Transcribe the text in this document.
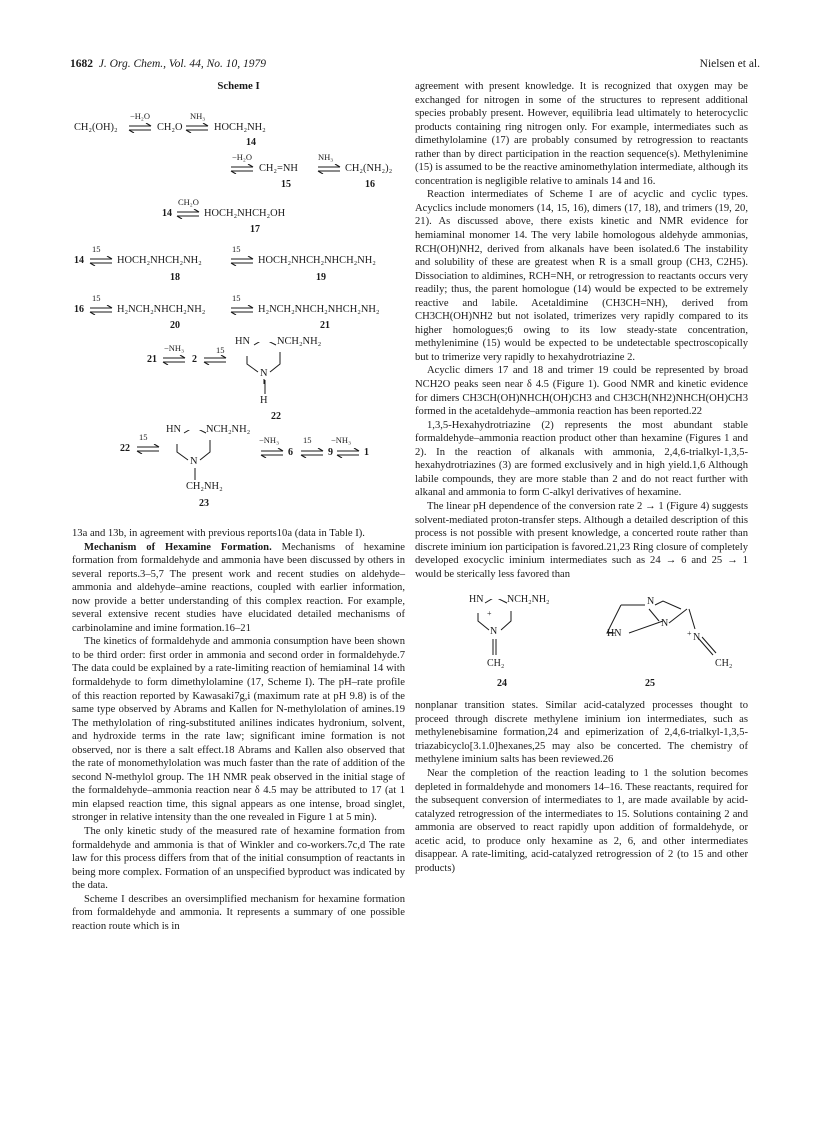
1682 J. Org. Chem., Vol. 44, No. 10, 1979	Nielsen et al.
Scheme I
−H₂O	NH₃
CH₂(OH)₂	CH₂O	HOCH₂NH₂
14
−H₂O	NH₃
CH₂=NH	CH₂(NH₂)₂
15	16
CH₂O
14	HOCH₂NHCH₂OH
17
15	15
14	HOCH₂NHCH₂NH₂	HOCH₂NHCH₂NHCH₂NH₂
18	19
15	15
16	H₂NCH₂NHCH₂NH₂	H₂NCH₂NHCH₂NHCH₂NH₂
20	21
−NH₃	15
21	2
HN	NCH₂NH₂
N
H
22
15
22
HN NCH₂NH₂
N
CH₂NH₂
23
−NH₃	15 −NH₃
6	9	1

13a and 13b, in agreement with previous reports10a (data in Table I).

Mechanism of Hexamine Formation. Mechanisms of hexamine formation from formaldehyde and ammonia have been discussed by others in several reports.3–5,7 The present work and recent studies on aldehyde–ammonia and aldehyde–amine reactions, coupled with earlier information, now provide a better understanding of this complex reaction. For example, several extensive recent studies have elucidated detailed mechanisms of carbinolamine and imine formation.16–21

The kinetics of formaldehyde and ammonia consumption have been shown to be third order: first order in ammonia and second order in formaldehyde.7 The data could be explained by a rate-limiting reaction of hemiaminal 14 with formaldehyde to form dimethylolamine (17, Scheme I). The pH–rate profile of this reaction reported by Kawasaki7g,i (maximum rate at pH 9.8) is of the same type observed by Abrams and Kallen for N-methylolation of amines.19 The methylolation of ring-substituted anilines indicates hydronium, solvent, and hydroxide terms in the rate law; significant imine formation is not observed, nor is there a salt effect.18 Abrams and Kallen also observed that the rate of monomethylolation was much faster than the rate of addition of the second N-methylol group. The 1H NMR peak observed in the initial stage of the formaldehyde–ammonia reaction near δ 4.5 may be attributed to 17 (at 1 min elapsed reaction time, this signal appears as one intense, broad singlet, stronger in relative intensity than the one revealed in Figure 1 at 5 min).

The only kinetic study of the measured rate of hexamine formation from formaldehyde and ammonia is that of Winkler and co-workers.7c,d The rate law for this process differs from that of the initial consumption of reactants in being more complex. Formation of an unspecified byproduct was indicated by the data.

Scheme I describes an oversimplified mechanism for hexamine formation from formaldehyde and ammonia. It represents a summary of one possible reaction route which is in

agreement with present knowledge. It is recognized that oxygen may be exchanged for nitrogen in some of the structures to represent additional species probably present. However, equilibria lead ultimately to heterocyclic products containing ring nitrogen only. For example, intermediates such as dimethylolamine (17) are probably consumed by retrogression to reactants rather than by direct participation in the reaction sequence(s). Methylenimine (15) is assumed to be the reactive aminomethylation intermediate, although its concentration is negligible relative to aminals 14 and 16.

Reaction intermediates of Scheme I are of acyclic and cyclic types. Acyclics include monomers (14, 15, 16), dimers (17, 18), and trimers (19, 20, 21). As discussed above, there exists kinetic and NMR evidence for hemiaminal monomer 14. The very labile homologous aldehyde ammonias, RCH(OH)NH2, derived from alkanals have been isolated.6 The instability and solubility of these are greatest when R is a small group (CH3, C2H5). Dissociation to aldimines, RCH=NH, or retrogression to reactants occurs very readily; thus, the parent homologue (14) would be expected to be extremely reactive and labile. Acetaldimine (CH3CH=NH), derived from CH3CH(OH)NH2 but not isolated, trimerizes very rapidly compared to its higher homologues;6 owing to its low steady-state concentration, methylenimine (15) would be expected to be undetectable spectroscopically but to trimerize very rapidly to hexahydrotriazine 2.

Acyclic dimers 17 and 18 and trimer 19 could be represented by broad NCH2O peaks seen near δ 4.5 (Figure 1). Good NMR and kinetic evidence for dimers CH3CH(OH)NHCH(OH)CH3 and CH3CH(NH2)NHCH(OH)CH3 formed in the acetaldehyde–ammonia reaction has been reported.22

1,3,5-Hexahydrotriazine (2) represents the most abundant stable formaldehyde–ammonia reaction product other than hexamine (Figures 1 and 2). In the reaction of alkanals with ammonia, 2,4,6-trialkyl-1,3,5-hexahydrotriazines (3) are formed exclusively and in high yield.1,6 Although labile compounds, they are more stable than 2 and do not react further with alkanal and ammonia to form C-alkyl derivatives of hexamine.

The linear pH dependence of the conversion rate 2 → 1 (Figure 4) suggests solvent-mediated proton-transfer steps. Although a detailed description of this process is not possible with present knowledge, a concerted route rather than discrete iminium ion participation is favored.21,23 Ring closure of completely developed exocyclic iminium intermediates such as 24 → 6 and 25 → 1 would be sterically less favored than

HN NCH₂NH₂
+
N
CH₂
24
N
N
HN	+ N
CH₂
25

nonplanar transition states. Similar acid-catalyzed processes thought to proceed through discrete methylene iminium ion intermediates, such as methylenebisamine formation,24 and epimerization of 2,4,6-trialkyl-1,3,5-triazabicyclo[3.1.0]hexanes,25 may also be concerted. The chemistry of methylene iminium salts has been reviewed.26

Near the completion of the reaction leading to 1 the solution becomes depleted in formaldehyde and monomers 14–16. These reactants, required for the subsequent conversion of intermediates to 1, are made available by acid-catalyzed retrogression of the intermediates to 15. Solutions containing 2 and ammonia are observed to react rapidly upon addition of formaldehyde, or acetic acid, to produce only hexamine as 2, 6, and other intermediates disappear. A rate-limiting, acid-catalyzed retrogression of 2 (to 15 and other products)
